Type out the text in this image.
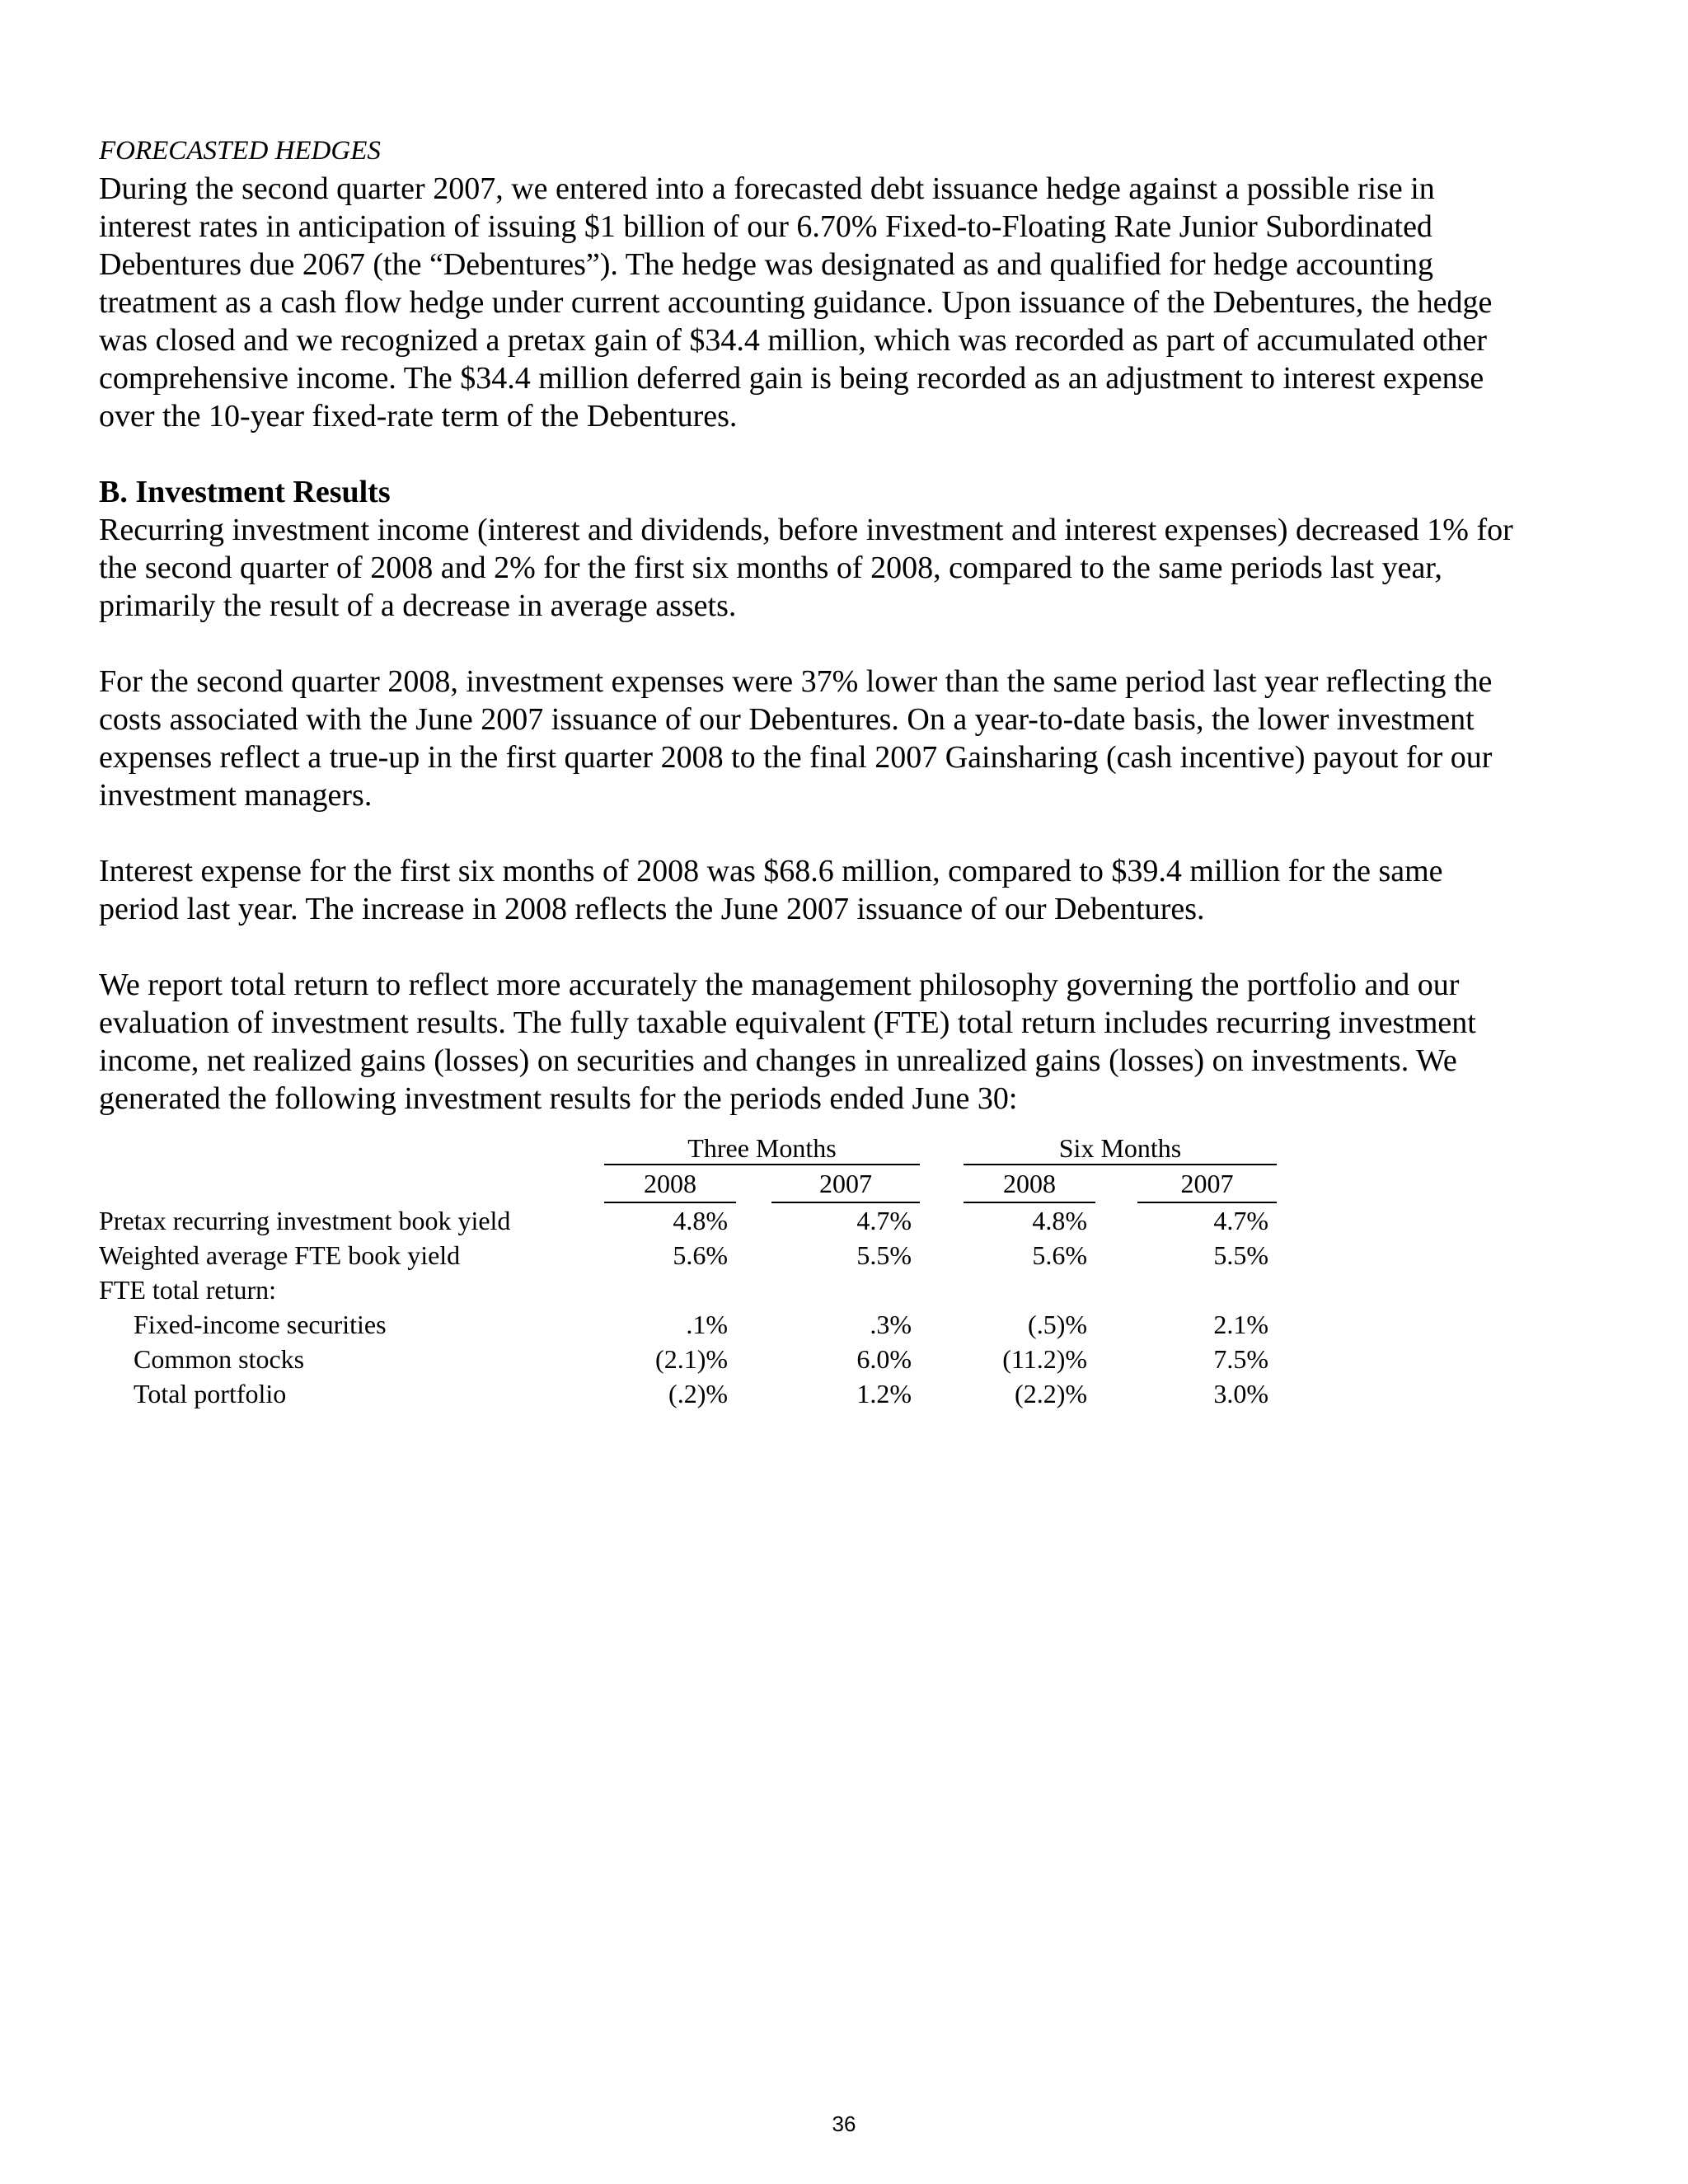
FORECASTED HEDGES

During the second quarter 2007, we entered into a forecasted debt issuance hedge against a possible rise in interest rates in anticipation of issuing $1 billion of our 6.70% Fixed-to-Floating Rate Junior Subordinated Debentures due 2067 (the “Debentures”). The hedge was designated as and qualified for hedge accounting treatment as a cash flow hedge under current accounting guidance. Upon issuance of the Debentures, the hedge was closed and we recognized a pretax gain of $34.4 million, which was recorded as part of accumulated other comprehensive income. The $34.4 million deferred gain is being recorded as an adjustment to interest expense over the 10-year fixed-rate term of the Debentures.

B. Investment Results

Recurring investment income (interest and dividends, before investment and interest expenses) decreased 1% for the second quarter of 2008 and 2% for the first six months of 2008, compared to the same periods last year, primarily the result of a decrease in average assets.

For the second quarter 2008, investment expenses were 37% lower than the same period last year reflecting the costs associated with the June 2007 issuance of our Debentures. On a year-to-date basis, the lower investment expenses reflect a true-up in the first quarter 2008 to the final 2007 Gainsharing (cash incentive) payout for our investment managers.

Interest expense for the first six months of 2008 was $68.6 million, compared to $39.4 million for the same period last year. The increase in 2008 reflects the June 2007 issuance of our Debentures.

We report total return to reflect more accurately the management philosophy governing the portfolio and our evaluation of investment results. The fully taxable equivalent (FTE) total return includes recurring investment income, net realized gains (losses) on securities and changes in unrealized gains (losses) on investments. We generated the following investment results for the periods ended June 30:

Three Months	Six Months
2008	2007	2008	2007
Pretax recurring investment book yield	4.8%	4.7%	4.8%	4.7%
Weighted average FTE book yield	5.6%	5.5%	5.6%	5.5%
FTE total return:
Fixed-income securities	.1%	.3%	(.5)%	2.1%
Common stocks	(2.1)%	6.0%	(11.2)%	7.5%
Total portfolio	(.2)%	1.2%	(2.2)%	3.0%
36
